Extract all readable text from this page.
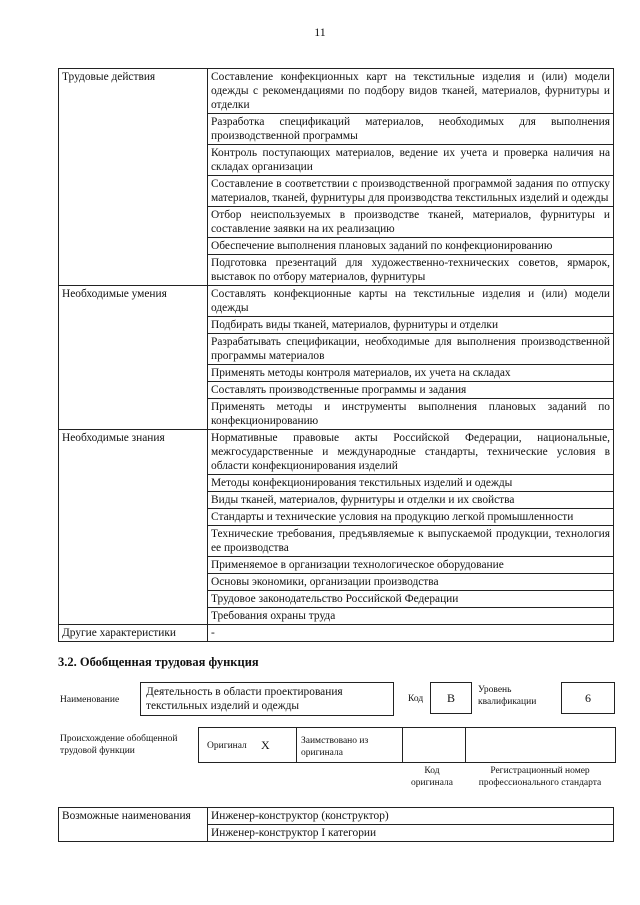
11
Трудовые действия	Составление конфекционных карт на текстильные изделия и (или) модели одежды с рекомендациями по подбору видов тканей, материалов, фурнитуры и отделки
	Разработка спецификаций материалов, необходимых для выполнения производственной программы
	Контроль поступающих материалов, ведение их учета и проверка наличия на складах организации
	Составление в соответствии с производственной программой задания по отпуску материалов, тканей, фурнитуры для производства текстильных изделий и одежды
	Отбор неиспользуемых в производстве тканей, материалов, фурнитуры и составление заявки на их реализацию
	Обеспечение выполнения плановых заданий по конфекционированию
	Подготовка презентаций для художественно-технических советов, ярмарок, выставок по отбору материалов, фурнитуры
Необходимые умения	Составлять конфекционные карты на текстильные изделия и (или) модели одежды
	Подбирать виды тканей, материалов, фурнитуры и отделки
	Разрабатывать спецификации, необходимые для выполнения производственной программы материалов
	Применять методы контроля материалов, их учета на складах
	Составлять производственные программы и задания
	Применять методы и инструменты выполнения плановых заданий по конфекционированию
Необходимые знания	Нормативные правовые акты Российской Федерации, национальные, межгосударственные и международные стандарты, технические условия в области конфекционирования изделий
	Методы конфекционирования текстильных изделий и одежды
	Виды тканей, материалов, фурнитуры и отделки и их свойства
	Стандарты и технические условия на продукцию легкой промышленности
	Технические требования, предъявляемые к выпускаемой продукции, технология ее производства
	Применяемое в организации технологическое оборудование
	Основы экономики, организации производства
	Трудовое законодательство Российской Федерации
	Требования охраны труда
Другие характеристики	-
3.2. Обобщенная трудовая функция
Наименование
Деятельность в области проектирования текстильных изделий и одежды
Код	B
Уровень квалификации	6
Происхождение обобщенной трудовой функции	Оригинал X	Заимствовано из оригинала
Код оригинала
Регистрационный номер профессионального стандарта
Возможные наименования	Инженер-конструктор (конструктор)
Инженер-конструктор I категории
